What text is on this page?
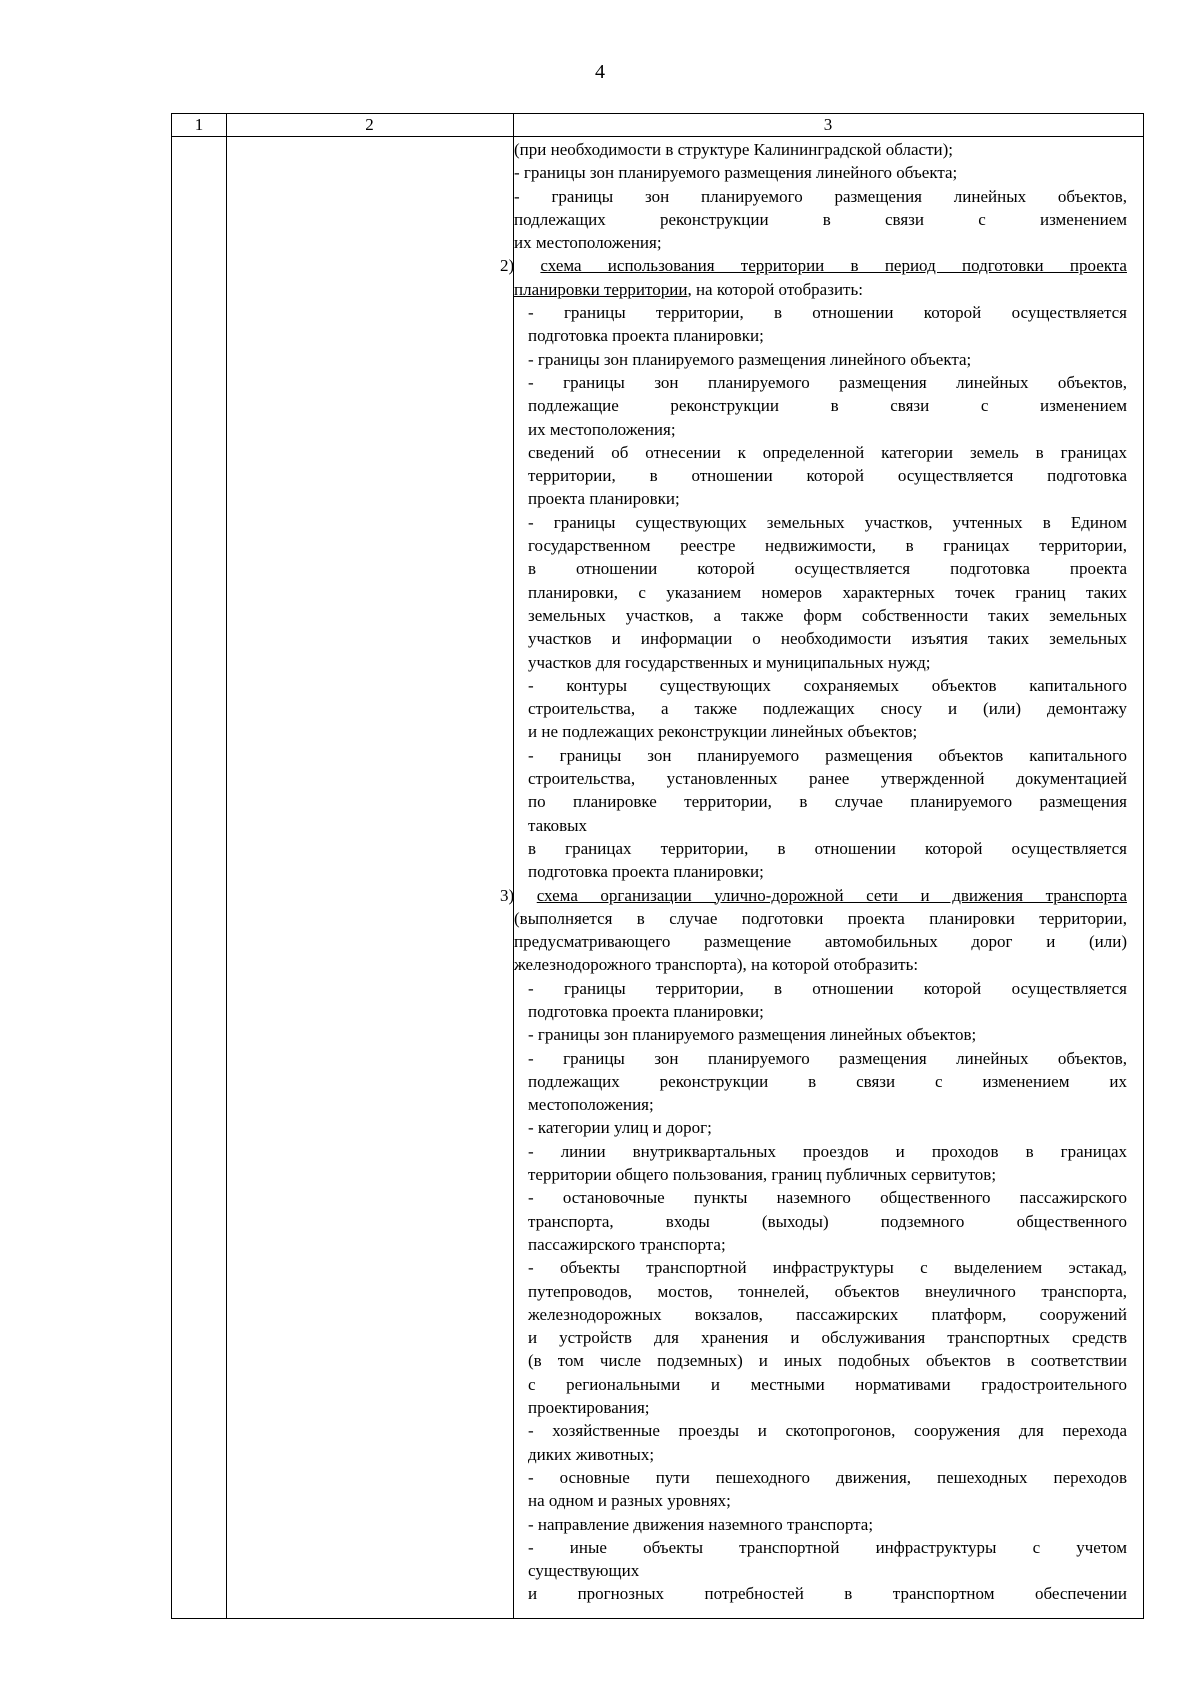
4
1	2	3
(при необходимости в структуре Калининградской области);
- границы зон планируемого размещения линейного объекта;
- границы зон планируемого размещения линейных объектов,
подлежащих реконструкции в связи с изменением
их местоположения;
2) схема использования территории в период подготовки проекта
планировки территории, на которой отобразить:
- границы территории, в отношении которой осуществляется
подготовка проекта планировки;
- границы зон планируемого размещения линейного объекта;
- границы зон планируемого размещения линейных объектов,
подлежащие реконструкции в связи с изменением
их местоположения;
сведений об отнесении к определенной категории земель в границах
территории, в отношении которой осуществляется подготовка
проекта планировки;
- границы существующих земельных участков, учтенных в Едином
государственном реестре недвижимости, в границах территории,
в отношении которой осуществляется подготовка проекта
планировки, с указанием номеров характерных точек границ таких
земельных участков, а также форм собственности таких земельных
участков и информации о необходимости изъятия таких земельных
участков для государственных и муниципальных нужд;
- контуры существующих сохраняемых объектов капитального
строительства, а также подлежащих сносу и (или) демонтажу
и не подлежащих реконструкции линейных объектов;
- границы зон планируемого размещения объектов капитального
строительства, установленных ранее утвержденной документацией
по планировке территории, в случае планируемого размещения
таковых
в границах территории, в отношении которой осуществляется
подготовка проекта планировки;
3) схема организации улично-дорожной сети и движения транспорта
(выполняется в случае подготовки проекта планировки территории,
предусматривающего размещение автомобильных дорог и (или)
железнодорожного транспорта), на которой отобразить:
- границы территории, в отношении которой осуществляется
подготовка проекта планировки;
- границы зон планируемого размещения линейных объектов;
- границы зон планируемого размещения линейных объектов,
подлежащих реконструкции в связи с изменением их
местоположения;
- категории улиц и дорог;
- линии внутриквартальных проездов и проходов в границах
территории общего пользования, границ публичных сервитутов;
- остановочные пункты наземного общественного пассажирского
транспорта, входы (выходы) подземного общественного
пассажирского транспорта;
- объекты транспортной инфраструктуры с выделением эстакад,
путепроводов, мостов, тоннелей, объектов внеуличного транспорта,
железнодорожных вокзалов, пассажирских платформ, сооружений
и устройств для хранения и обслуживания транспортных средств
(в том числе подземных) и иных подобных объектов в соответствии
с региональными и местными нормативами градостроительного
проектирования;
- хозяйственные проезды и скотопрогонов, сооружения для перехода
диких животных;
- основные пути пешеходного движения, пешеходных переходов
на одном и разных уровнях;
- направление движения наземного транспорта;
- иные объекты транспортной инфраструктуры с учетом
существующих
и прогнозных потребностей в транспортном обеспечении
